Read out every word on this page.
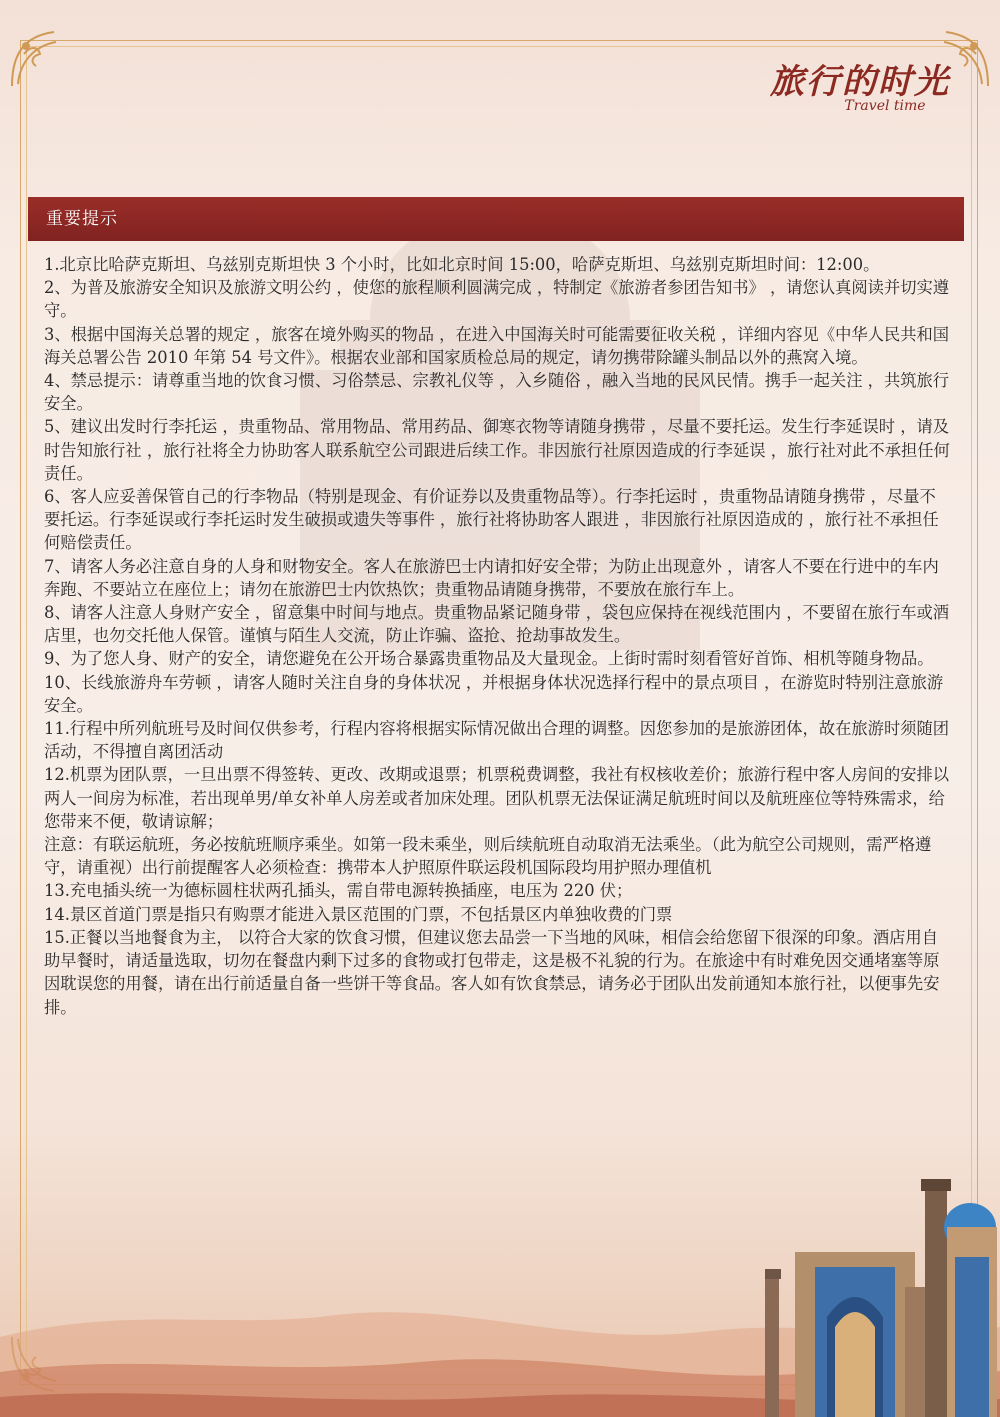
旅行的时光
Travel time
重要提示

1.北京比哈萨克斯坦、乌兹别克斯坦快 3 个小时，比如北京时间 15:00，哈萨克斯坦、乌兹别克斯坦时间：12:00。

2、为普及旅游安全知识及旅游文明公约 ，使您的旅程顺利圆满完成 ，特制定《旅游者参团告知书》 ，请您认真阅读并切实遵守。

3、根据中国海关总署的规定 ，旅客在境外购买的物品 ，在进入中国海关时可能需要征收关税 ，详细内容见《中华人民共和国海关总署公告 2010 年第 54 号文件》。根据农业部和国家质检总局的规定，请勿携带除罐头制品以外的燕窝入境。

4、禁忌提示：请尊重当地的饮食习惯、习俗禁忌、宗教礼仪等 ，入乡随俗 ，融入当地的民风民情。携手一起关注 ，共筑旅行安全。

5、建议出发时行李托运 ，贵重物品、常用物品、常用药品、御寒衣物等请随身携带 ，尽量不要托运。发生行李延误时 ，请及时告知旅行社 ，旅行社将全力协助客人联系航空公司跟进后续工作。非因旅行社原因造成的行李延误 ，旅行社对此不承担任何责任。

6、客人应妥善保管自己的行李物品（特别是现金、有价证券以及贵重物品等）。行李托运时 ，贵重物品请随身携带 ，尽量不要托运。行李延误或行李托运时发生破损或遗失等事件 ，旅行社将协助客人跟进 ，非因旅行社原因造成的 ，旅行社不承担任何赔偿责任。

7、请客人务必注意自身的人身和财物安全。客人在旅游巴士内请扣好安全带；为防止出现意外 ，请客人不要在行进中的车内奔跑、不要站立在座位上；请勿在旅游巴士内饮热饮；贵重物品请随身携带，不要放在旅行车上。

8、请客人注意人身财产安全 ，留意集中时间与地点。贵重物品紧记随身带 ，袋包应保持在视线范围内 ，不要留在旅行车或酒店里，也勿交托他人保管。谨慎与陌生人交流，防止诈骗、盗抢、抢劫事故发生。

9、为了您人身、财产的安全，请您避免在公开场合暴露贵重物品及大量现金。上街时需时刻看管好首饰、相机等随身物品。

10、长线旅游舟车劳顿 ，请客人随时关注自身的身体状况 ，并根据身体状况选择行程中的景点项目 ，在游览时特别注意旅游安全。

11.行程中所列航班号及时间仅供参考，行程内容将根据实际情况做出合理的调整。因您参加的是旅游团体，故在旅游时须随团活动，不得擅自离团活动

12.机票为团队票，一旦出票不得签转、更改、改期或退票；机票税费调整，我社有权核收差价；旅游行程中客人房间的安排以两人一间房为标准，若出现单男/单女补单人房差或者加床处理。团队机票无法保证满足航班时间以及航班座位等特殊需求，给您带来不便，敬请谅解；

注意：有联运航班，务必按航班顺序乘坐。如第一段未乘坐，则后续航班自动取消无法乘坐。（此为航空公司规则，需严格遵守，请重视）出行前提醒客人必须检查：携带本人护照原件联运段机国际段均用护照办理值机

13.充电插头统一为德标圆柱状两孔插头，需自带电源转换插座，电压为 220 伏；

14.景区首道门票是指只有购票才能进入景区范围的门票，不包括景区内单独收费的门票

15.正餐以当地餐食为主， 以符合大家的饮食习惯，但建议您去品尝一下当地的风味，相信会给您留下很深的印象。酒店用自助早餐时，请适量选取，切勿在餐盘内剩下过多的食物或打包带走，这是极不礼貌的行为。在旅途中有时难免因交通堵塞等原因耽误您的用餐，请在出行前适量自备一些饼干等食品。客人如有饮食禁忌，请务必于团队出发前通知本旅行社，以便事先安排。
